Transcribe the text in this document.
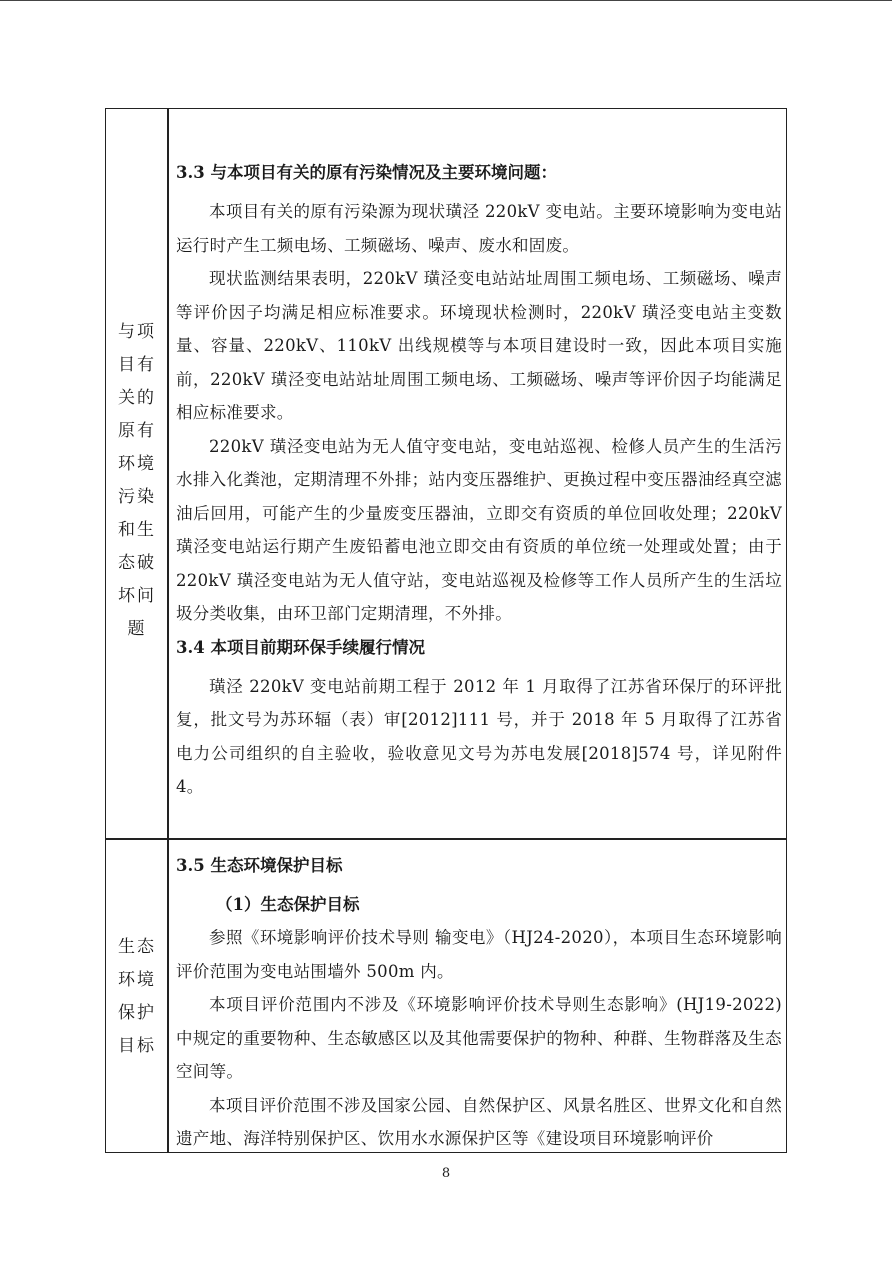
与项目有关的原有环境污染和生态破坏问题

3.3 与本项目有关的原有污染情况及主要环境问题：

本项目有关的原有污染源为现状璜泾 220kV 变电站。主要环境影响为变电站运行时产生工频电场、工频磁场、噪声、废水和固废。

现状监测结果表明，220kV 璜泾变电站站址周围工频电场、工频磁场、噪声等评价因子均满足相应标准要求。环境现状检测时，220kV 璜泾变电站主变数量、容量、220kV、110kV 出线规模等与本项目建设时一致，因此本项目实施前，220kV 璜泾变电站站址周围工频电场、工频磁场、噪声等评价因子均能满足相应标准要求。

220kV 璜泾变电站为无人值守变电站，变电站巡视、检修人员产生的生活污水排入化粪池，定期清理不外排；站内变压器维护、更换过程中变压器油经真空滤油后回用，可能产生的少量废变压器油，立即交有资质的单位回收处理；220kV 璜泾变电站运行期产生废铅蓄电池立即交由有资质的单位统一处理或处置；由于 220kV 璜泾变电站为无人值守站，变电站巡视及检修等工作人员所产生的生活垃圾分类收集，由环卫部门定期清理，不外排。

3.4 本项目前期环保手续履行情况

璜泾 220kV 变电站前期工程于 2012 年 1 月取得了江苏省环保厅的环评批复，批文号为苏环辐（表）审[2012]111 号，并于 2018 年 5 月取得了江苏省电力公司组织的自主验收，验收意见文号为苏电发展[2018]574 号，详见附件 4。

生态环境保护目标

3.5 生态环境保护目标

（1）生态保护目标

参照《环境影响评价技术导则 输变电》（HJ24-2020），本项目生态环境影响评价范围为变电站围墙外 500m 内。

本项目评价范围内不涉及《环境影响评价技术导则生态影响》(HJ19-2022)中规定的重要物种、生态敏感区以及其他需要保护的物种、种群、生物群落及生态空间等。

本项目评价范围不涉及国家公园、自然保护区、风景名胜区、世界文化和自然遗产地、海洋特别保护区、饮用水水源保护区等《建设项目环境影响评价

8
